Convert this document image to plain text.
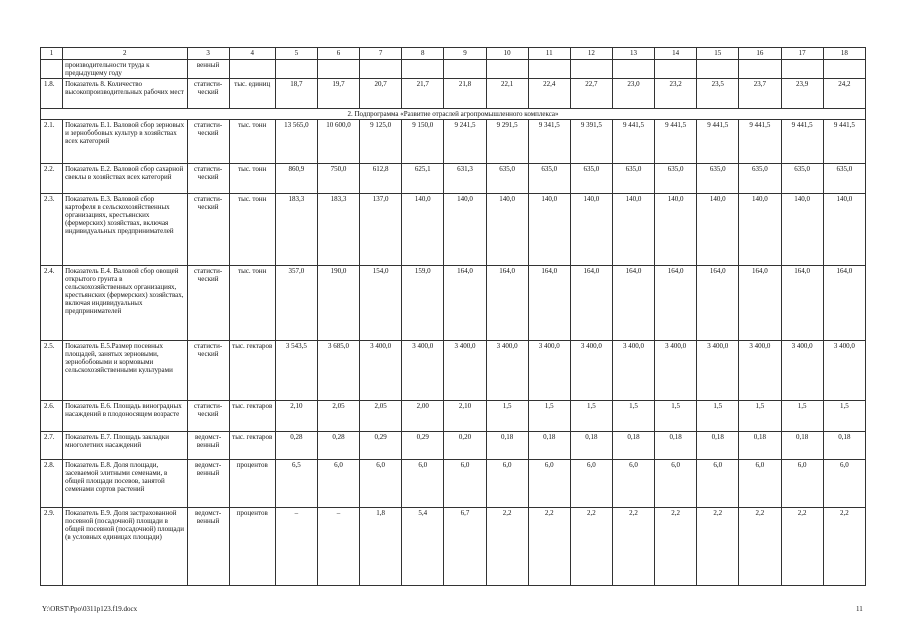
1	2	3	4	5	6	7	8	9	10	11	12	13	14	15	16	17	18
	производительности труда к предыдущему году	венный															
1.8.	Показатель 8. Количество высокопроизводительных рабочих мест	статисти-ческий	тыс. единиц	18,7	19,7	20,7	21,7	21,8	22,1	22,4	22,7	23,0	23,2	23,5	23,7	23,9	24,2
2. Подпрограмма «Развитие отраслей агропромышленного комплекса»																	
2.1.	Показатель Е.1. Валовой сбор зерновых и зернобобовых культур в хозяйствах всех категорий	статисти-ческий	тыс. тонн	13 565,0	10 600,0	9 125,0	9 150,0	9 241,5	9 291,5	9 341,5	9 391,5	9 441,5	9 441,5	9 441,5	9 441,5	9 441,5	9 441,5
2.2.	Показатель Е.2. Валовой сбор сахарной свеклы в хозяйствах всех категорий	статисти-ческий	тыс. тонн	860,9	750,0	612,8	625,1	631,3	635,0	635,0	635,0	635,0	635,0	635,0	635,0	635,0	635,0
2.3.	Показатель Е.3. Валовой сбор картофеля в сельскохозяйственных организациях, крестьянских (фермерских) хозяйствах, включая индивидуальных предпринимателей	статисти-ческий	тыс. тонн	183,3	183,3	137,0	140,0	140,0	140,0	140,0	140,0	140,0	140,0	140,0	140,0	140,0	140,0
2.4.	Показатель Е.4. Валовой сбор овощей открытого грунта в сельскохозяйственных организациях, крестьянских (фермерских) хозяйствах, включая индивидуальных предпринимателей	статисти-ческий	тыс. тонн	357,0	190,0	154,0	159,0	164,0	164,0	164,0	164,0	164,0	164,0	164,0	164,0	164,0	164,0
2.5.	Показатель Е.5.Размер посевных площадей, занятых зерновыми, зернобобовыми и кормовыми сельскохозяйственными культурами	статисти-ческий	тыс. гектаров	3 543,5	3 685,0	3 400,0	3 400,0	3 400,0	3 400,0	3 400,0	3 400,0	3 400,0	3 400,0	3 400,0	3 400,0	3 400,0	3 400,0
2.6.	Показатель Е.6. Площадь виноградных насаждений в плодоносящем возрасте	статисти-ческий	тыс. гектаров	2,10	2,05	2,05	2,00	2,10	1,5	1,5	1,5	1,5	1,5	1,5	1,5	1,5	1,5
2.7.	Показатель Е.7. Площадь закладки многолетних насаждений	ведомст-венный	тыс. гектаров	0,28	0,28	0,29	0,29	0,20	0,18	0,18	0,18	0,18	0,18	0,18	0,18	0,18	0,18
2.8.	Показатель Е.8. Доля площади, засеваемой элитными семенами, в общей площади посевов, занятой семенами сортов растений	ведомст-венный	процентов	6,5	6,0	6,0	6,0	6,0	6,0	6,0	6,0	6,0	6,0	6,0	6,0	6,0	6,0
2.9.	Показатель Е.9. Доля застрахованной посевной (посадочной) площади в общей посевной (посадочной) площади (в условных единицах площади)	ведомст-венный	процентов	–	–	1,8	5,4	6,7	2,2	2,2	2,2	2,2	2,2	2,2	2,2	2,2	2,2
Y:\ORST\Ppo\0311p123.f19.docx	11
